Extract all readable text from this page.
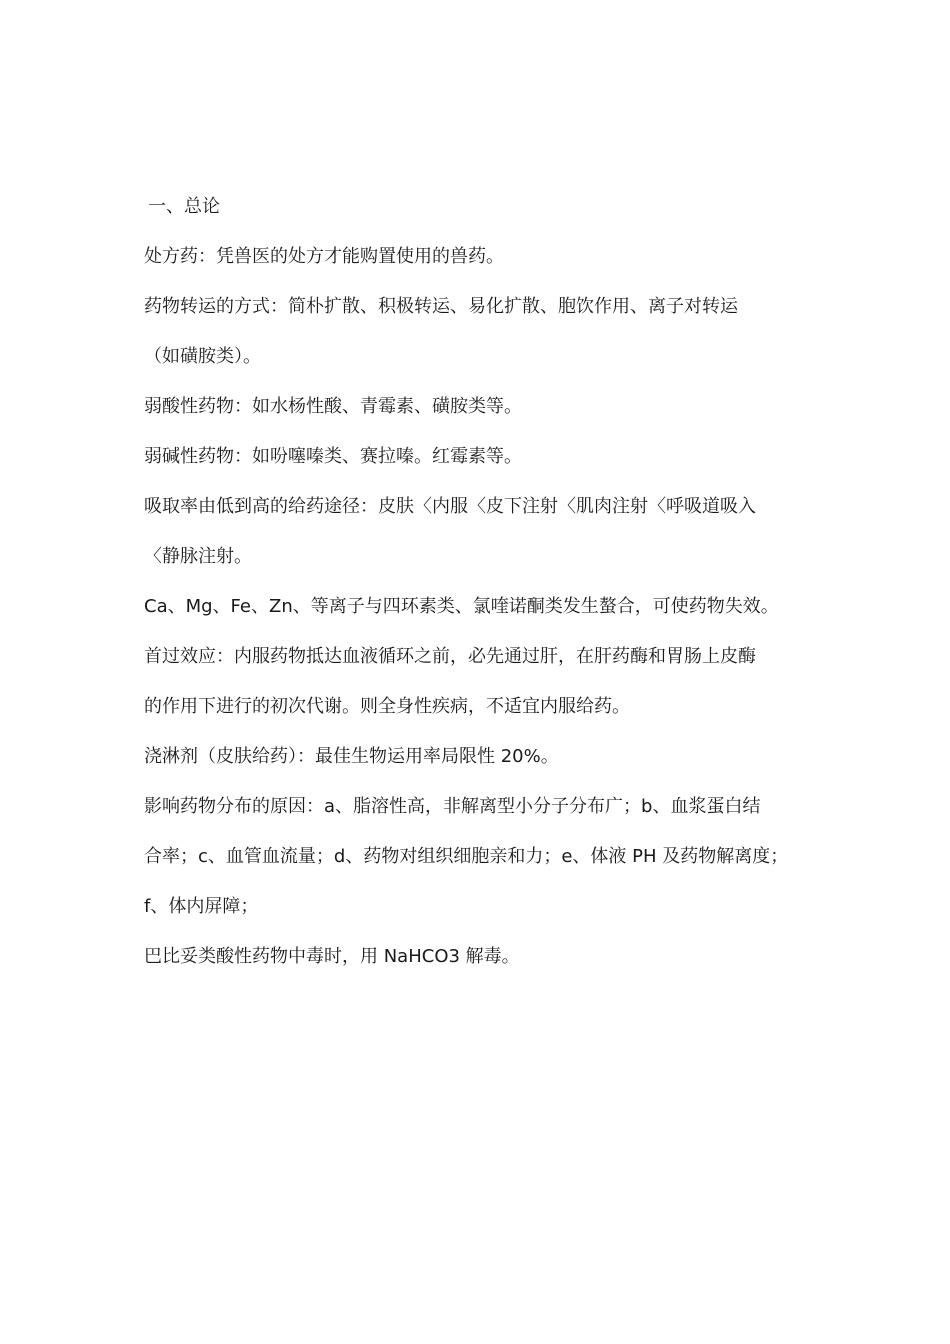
一、总论
处方药：凭兽医的处方才能购置使用的兽药。
药物转运的方式：简朴扩散、积极转运、易化扩散、胞饮作用、离子对转运
（如磺胺类）。
弱酸性药物：如水杨性酸、青霉素、磺胺类等。
弱碱性药物：如吩噻嗪类、赛拉嗪。红霉素等。
吸取率由低到高的给药途径：皮肤〈内服〈皮下注射〈肌肉注射〈呼吸道吸入
〈静脉注射。
Ca、Mg、Fe、Zn、等离子与四环素类、氯喹诺酮类发生螯合，可使药物失效。
首过效应：内服药物抵达血液循环之前，必先通过肝，在肝药酶和胃肠上皮酶
的作用下进行的初次代谢。则全身性疾病，不适宜内服给药。
浇淋剂（皮肤给药）：最佳生物运用率局限性 20%。
影响药物分布的原因：a、脂溶性高，非解离型小分子分布广；b、血浆蛋白结
合率；c、血管血流量；d、药物对组织细胞亲和力；e、体液 PH 及药物解离度；
f、体内屏障；
巴比妥类酸性药物中毒时，用 NaHCO3 解毒。
